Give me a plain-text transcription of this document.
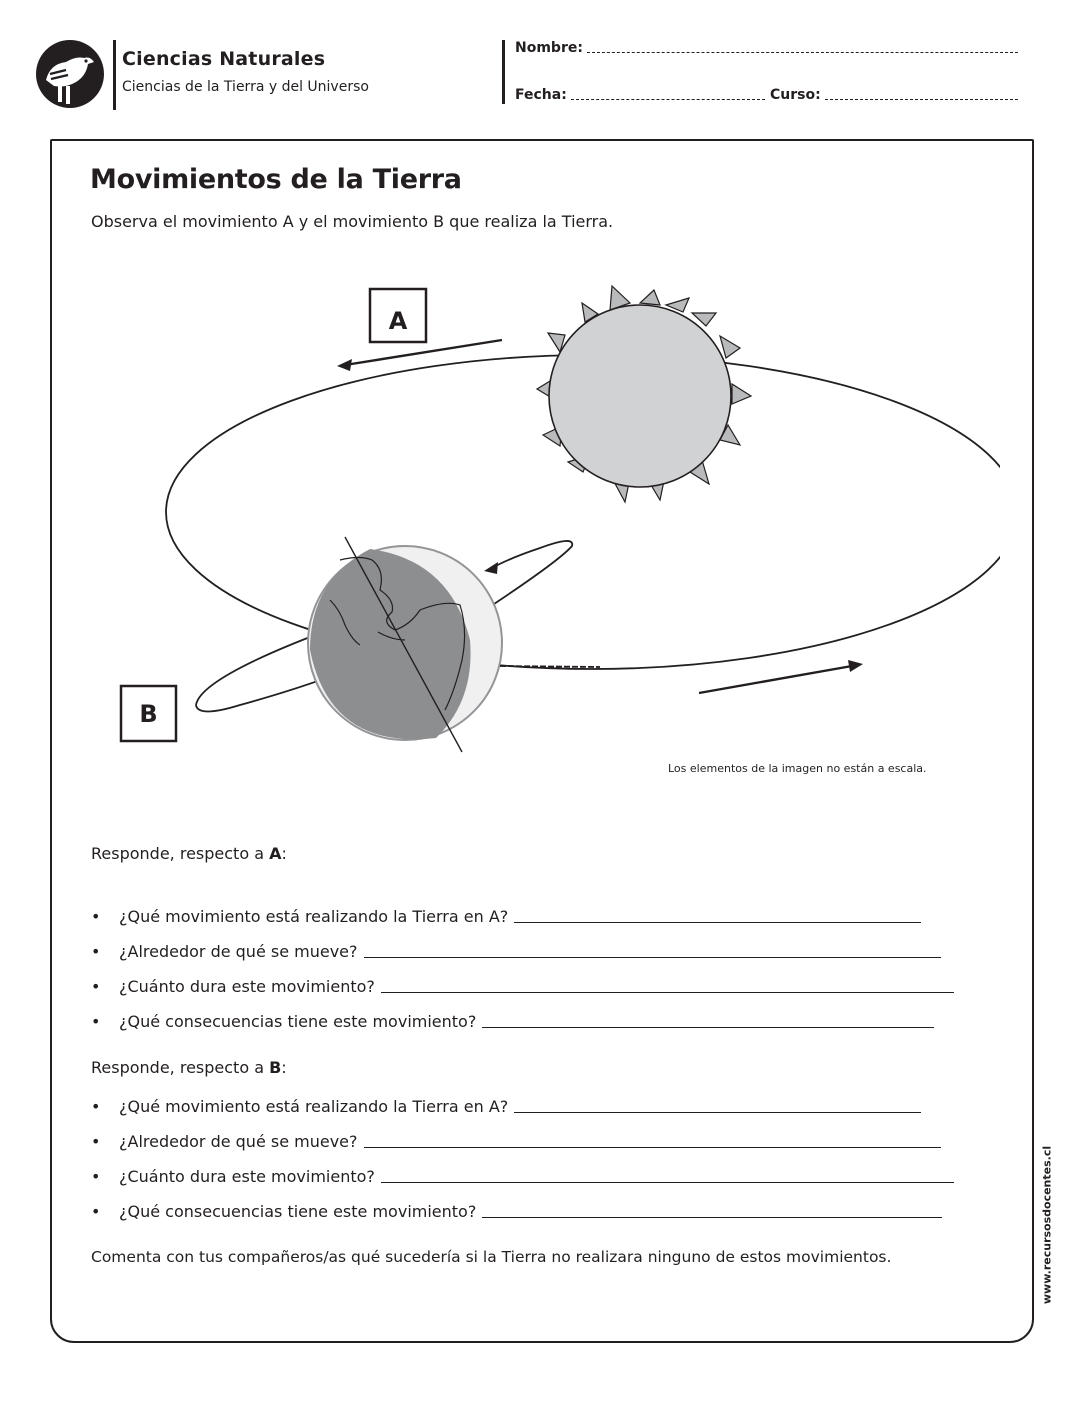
Ciencias Naturales
Ciencias de la Tierra y del Universo
Nombre:
Fecha:	Curso:
Movimientos de la Tierra
Observa el movimiento A y el movimiento B que realiza la Tierra.
A
B
Los elementos de la imagen no están a escala.
Responde, respecto a A:
•	¿Qué movimiento está realizando la Tierra en A?
•	¿Alrededor de qué se mueve?
•	¿Cuánto dura este movimiento?
•	¿Qué consecuencias tiene este movimiento?
Responde, respecto a B:
•	¿Qué movimiento está realizando la Tierra en A?
•	¿Alrededor de qué se mueve?
•	¿Cuánto dura este movimiento?
•	¿Qué consecuencias tiene este movimiento?
Comenta con tus compañeros/as qué sucedería si la Tierra no realizara ninguno de estos movimientos.	www.recursosdocentes.cl
